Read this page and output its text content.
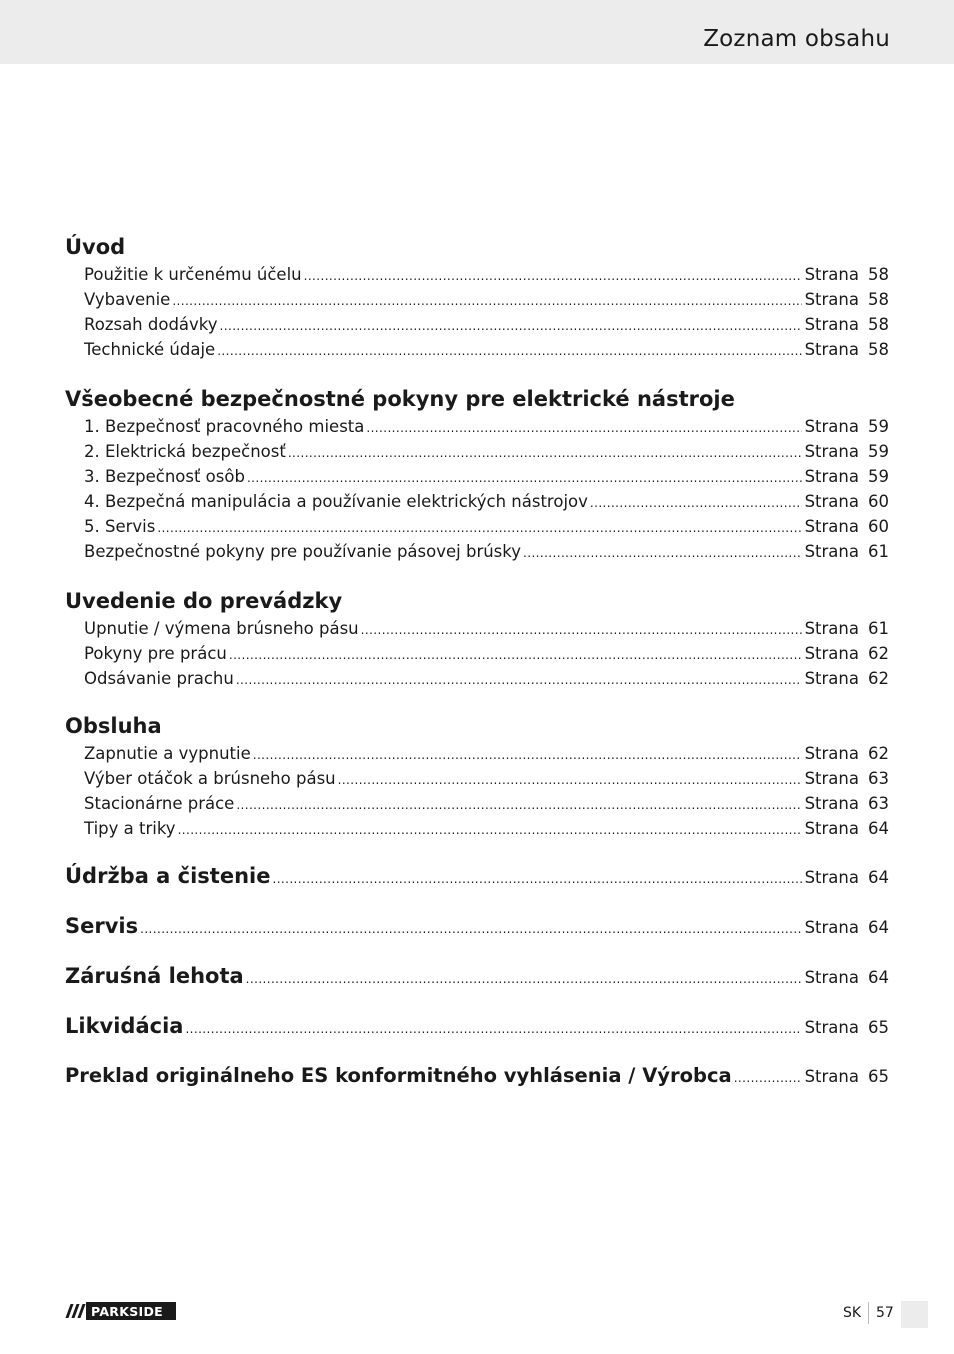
Zoznam obsahu
Úvod
Použitie k určenému účelu .....	Strana 58
Vybavenie .....	Strana 58
Rozsah dodávky .....	Strana 58
Technické údaje .....	Strana 58
Všeobecné bezpečnostné pokyny pre elektrické nástroje
1. Bezpečnosť pracovného miesta .....	Strana 59
2. Elektrická bezpečnosť .....	Strana 59
3. Bezpečnosť osôb .....	Strana 59
4. Bezpečná manipulácia a používanie elektrických nástrojov .....	Strana 60
5. Servis .....	Strana 60
Bezpečnostné pokyny pre používanie pásovej brúsky .....	Strana 61
Uvedenie do prevádzky
Upnutie / výmena brúsneho pásu .....	Strana 61
Pokyny pre prácu .....	Strana 62
Odsávanie prachu .....	Strana 62
Obsluha
Zapnutie a vypnutie .....	Strana 62
Výber otáčok a brúsneho pásu .....	Strana 63
Stacionárne práce .....	Strana 63
Tipy a triky .....	Strana 64
Údržba a čistenie .....	Strana 64
Servis .....	Strana 64
Záruśná lehota .....	Strana 64
Likvidácia .....	Strana 65
Preklad originálneho ES konformitného vyhlásenia / Výrobca .....	Strana 65
PARKSIDE	SK 57
